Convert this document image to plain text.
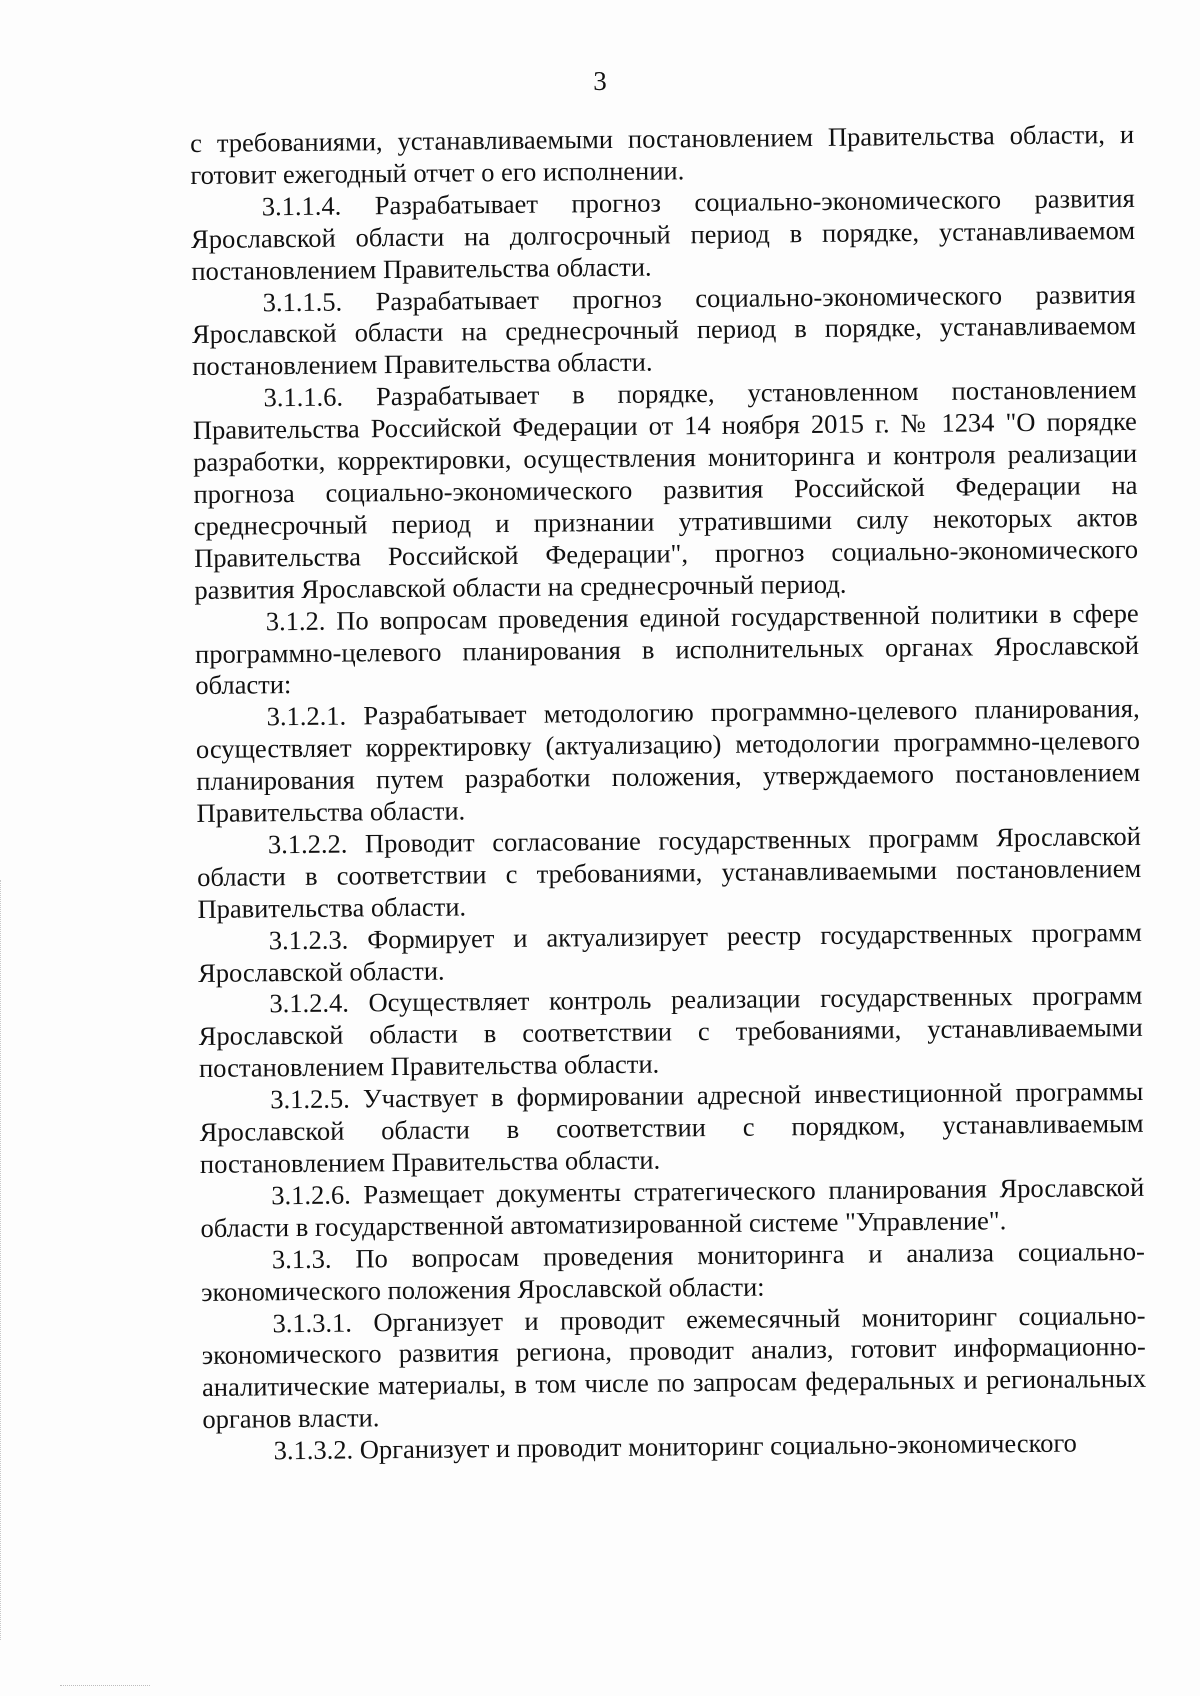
3

с требованиями, устанавливаемыми постановлением Правительства области, и готовит ежегодный отчет о его исполнении.

3.1.1.4. Разрабатывает прогноз социально-экономического развития Ярославской области на долгосрочный период в порядке, устанавливаемом постановлением Правительства области.

3.1.1.5. Разрабатывает прогноз социально-экономического развития Ярославской области на среднесрочный период в порядке, устанавливаемом постановлением Правительства области.

3.1.1.6. Разрабатывает в порядке, установленном постановлением Правительства Российской Федерации от 14 ноября 2015 г. № 1234 "О порядке разработки, корректировки, осуществления мониторинга и контроля реализации прогноза социально-экономического развития Российской Федерации на среднесрочный период и признании утратившими силу некоторых актов Правительства Российской Федерации", прогноз социально-экономического развития Ярославской области на среднесрочный период.

3.1.2. По вопросам проведения единой государственной политики в сфере программно-целевого планирования в исполнительных органах Ярославской области:

3.1.2.1. Разрабатывает методологию программно-целевого планирования, осуществляет корректировку (актуализацию) методологии программно-целевого планирования путем разработки положения, утверждаемого постановлением Правительства области.

3.1.2.2. Проводит согласование государственных программ Ярославской области в соответствии с требованиями, устанавливаемыми постановлением Правительства области.

3.1.2.3. Формирует и актуализирует реестр государственных программ Ярославской области.

3.1.2.4. Осуществляет контроль реализации государственных программ Ярославской области в соответствии с требованиями, устанавливаемыми постановлением Правительства области.

3.1.2.5. Участвует в формировании адресной инвестиционной программы Ярославской области в соответствии с порядком, устанавливаемым постановлением Правительства области.

3.1.2.6. Размещает документы стратегического планирования Ярославской области в государственной автоматизированной системе "Управление".

3.1.3. По вопросам проведения мониторинга и анализа социально-экономического положения Ярославской области:

3.1.3.1. Организует и проводит ежемесячный мониторинг социально-экономического развития региона, проводит анализ, готовит информационно-аналитические материалы, в том числе по запросам федеральных и региональных органов власти.

3.1.3.2. Организует и проводит мониторинг социально-экономического
